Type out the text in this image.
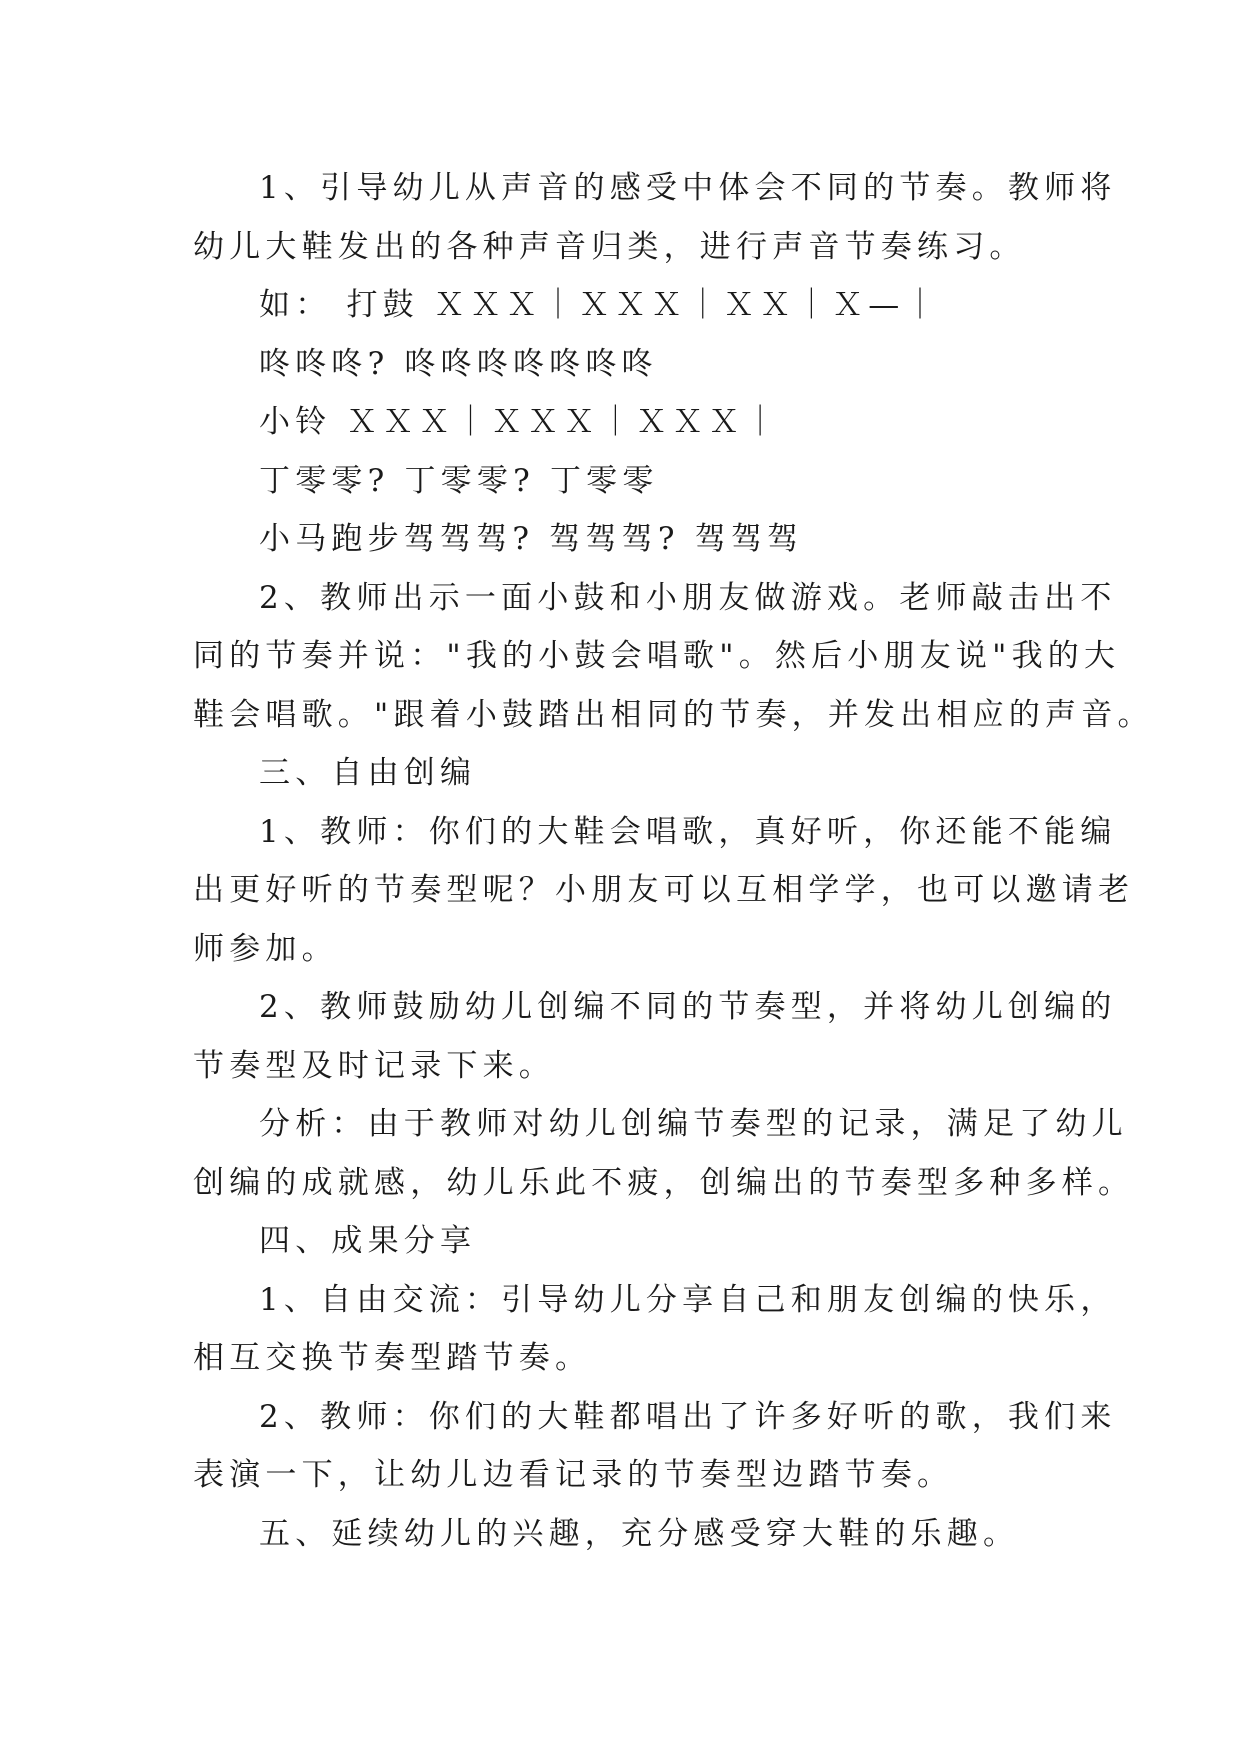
1、引导幼儿从声音的感受中体会不同的节奏。教师将
幼儿大鞋发出的各种声音归类，进行声音节奏练习。
如： 打鼓 ＸＸＸ｜ＸＸＸ｜ＸＸ｜Ｘ—｜
咚咚咚? 咚咚咚咚咚咚咚
小铃 ＸＸＸ｜ＸＸＸ｜ＸＸＸ｜
丁零零? 丁零零? 丁零零
小马跑步驾驾驾? 驾驾驾? 驾驾驾
2、教师出示一面小鼓和小朋友做游戏。老师敲击出不
同的节奏并说："我的小鼓会唱歌"。然后小朋友说"我的大
鞋会唱歌。"跟着小鼓踏出相同的节奏，并发出相应的声音。
三、自由创编
1、教师：你们的大鞋会唱歌，真好听，你还能不能编
出更好听的节奏型呢？小朋友可以互相学学，也可以邀请老
师参加。
2、教师鼓励幼儿创编不同的节奏型，并将幼儿创编的
节奏型及时记录下来。
分析：由于教师对幼儿创编节奏型的记录，满足了幼儿
创编的成就感，幼儿乐此不疲，创编出的节奏型多种多样。
四、成果分享
1、自由交流：引导幼儿分享自己和朋友创编的快乐，
相互交换节奏型踏节奏。
2、教师：你们的大鞋都唱出了许多好听的歌，我们来
表演一下，让幼儿边看记录的节奏型边踏节奏。
五、延续幼儿的兴趣，充分感受穿大鞋的乐趣。
